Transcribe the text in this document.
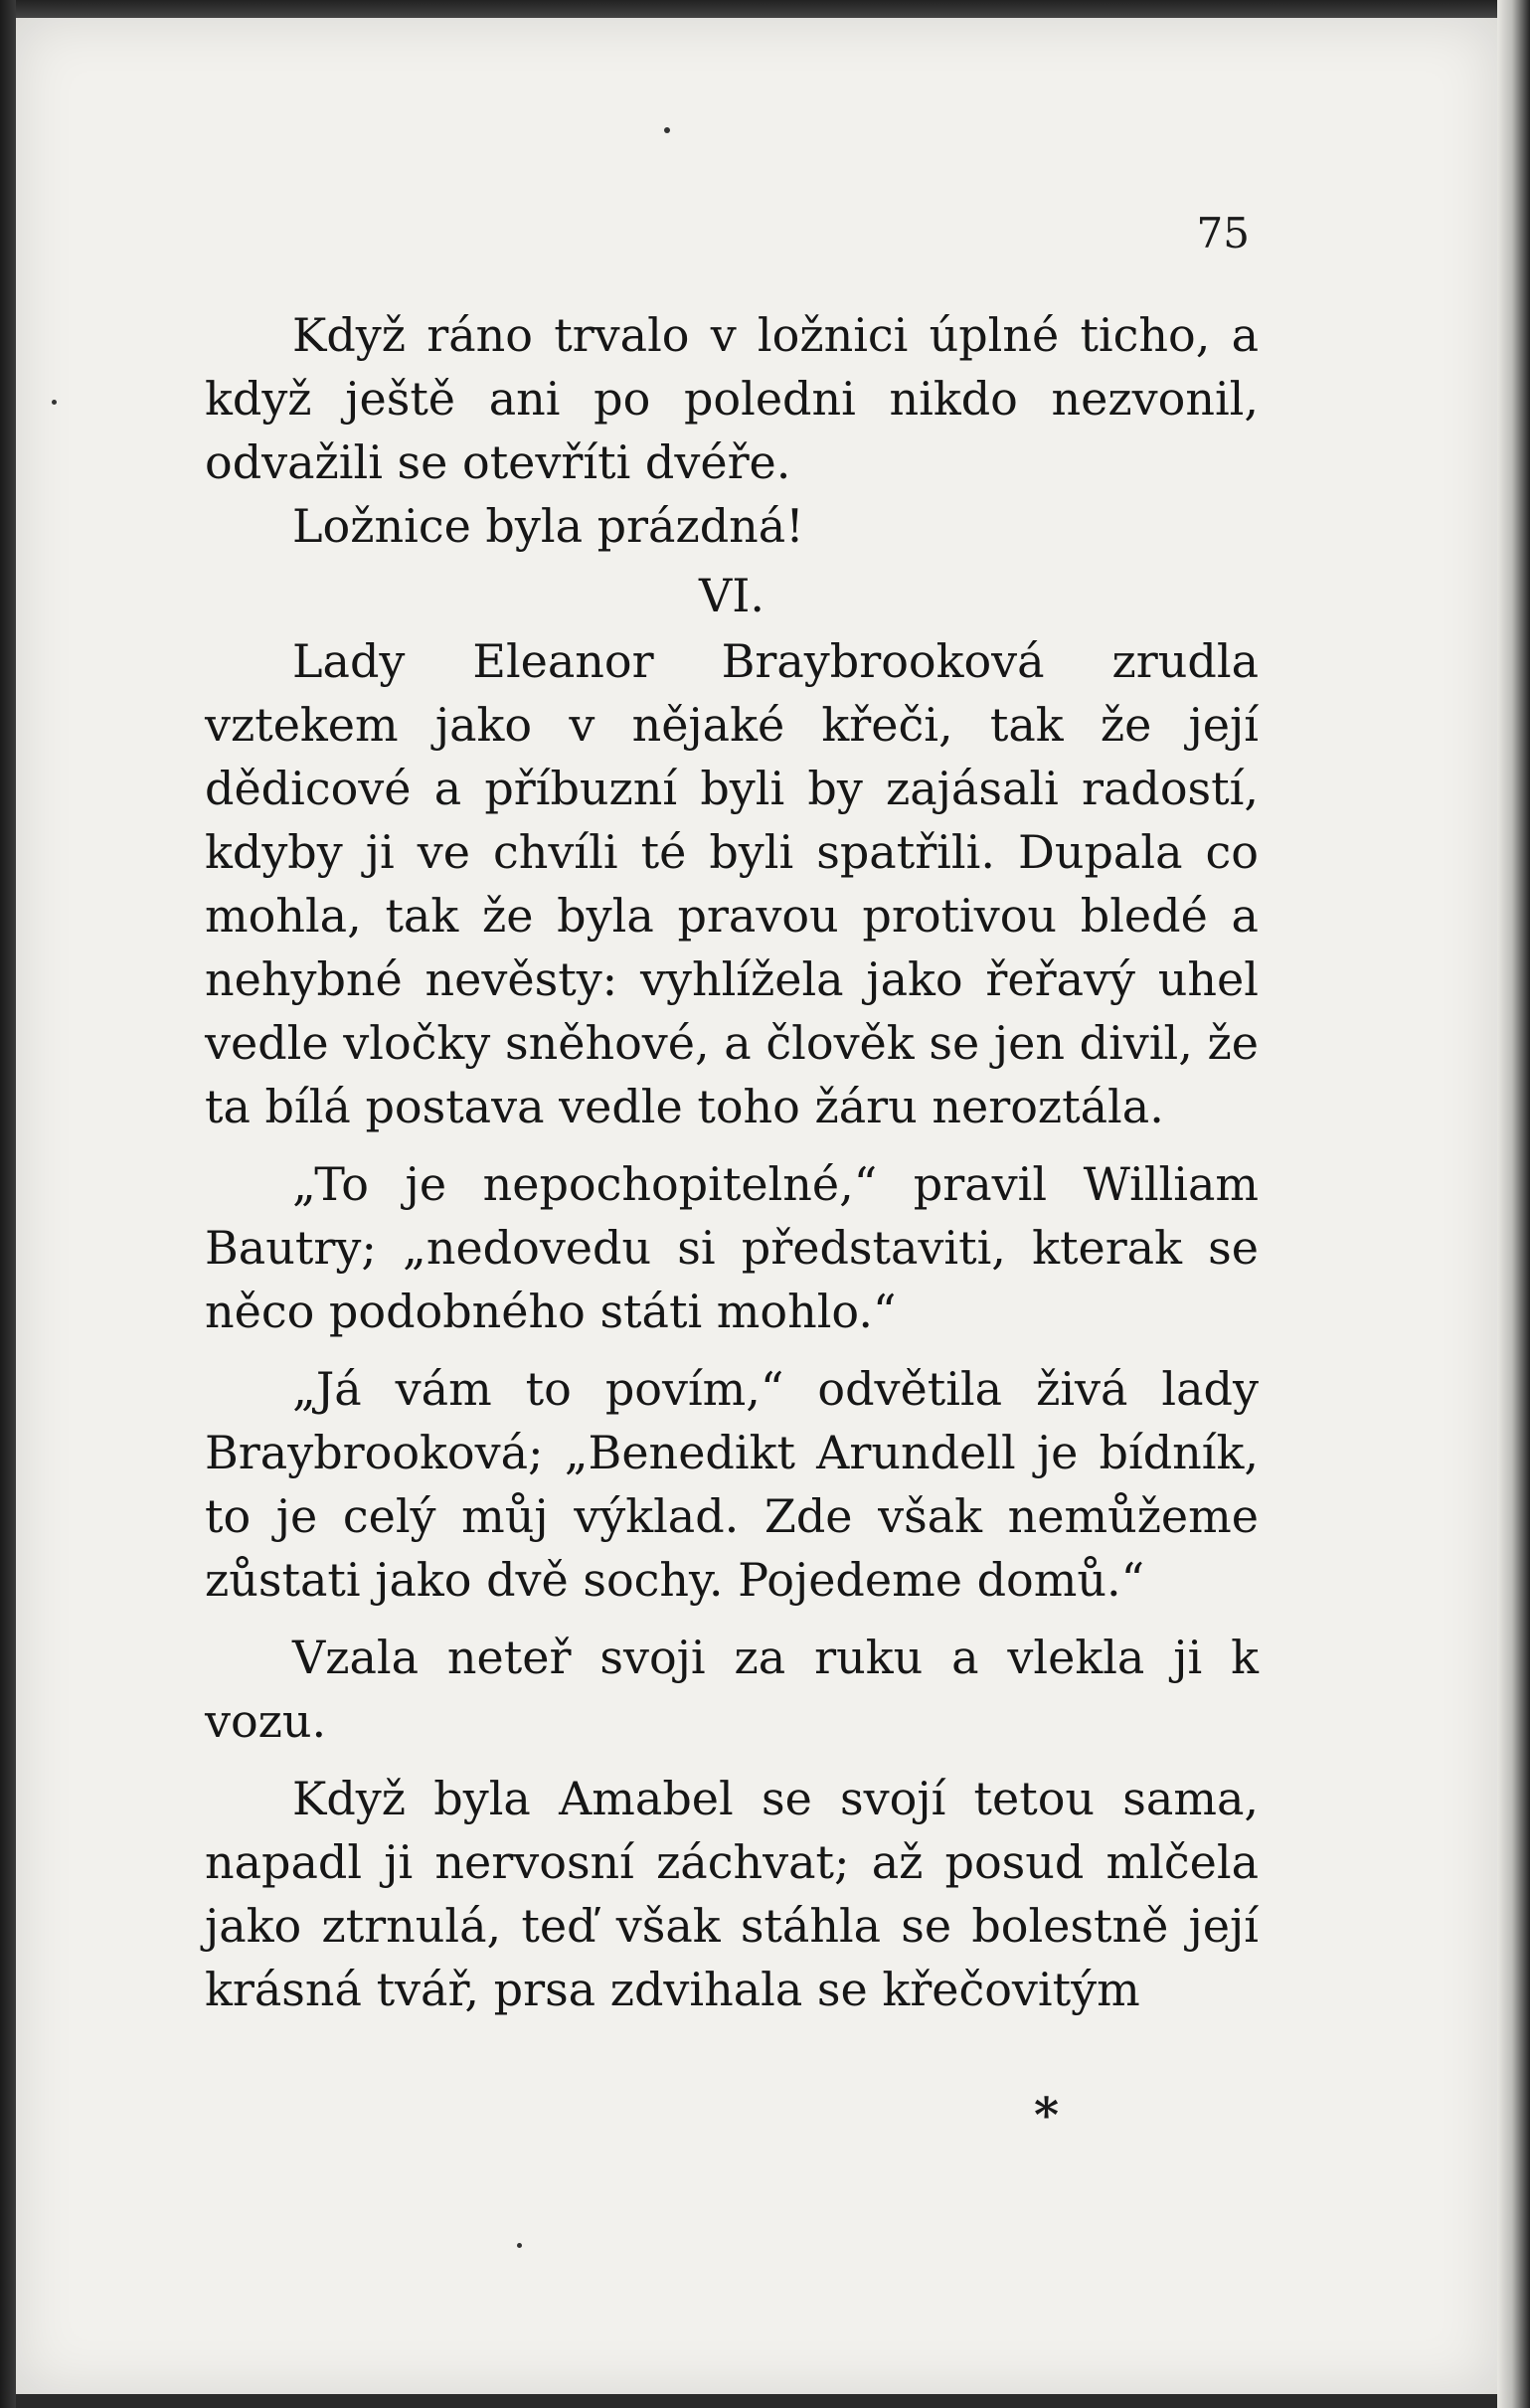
75

Když ráno trvalo v ložnici úplné ticho, a když ještě ani po poledni nikdo nezvonil, odvažili se otevříti dvéře.

Ložnice byla prázdná!

VI.

Lady Eleanor Braybrooková zrudla vztekem jako v nějaké křeči, tak že její dědicové a příbuzní byli by zajásali radostí, kdyby ji ve chvíli té byli spatřili. Dupala co mohla, tak že byla pravou protivou bledé a nehybné nevěsty: vyhlížela jako řeřavý uhel vedle vločky sněhové, a člověk se jen divil, že ta bílá postava vedle toho žáru neroztála.

„To je nepochopitelné,“ pravil William Bautry; „nedovedu si představiti, kterak se něco podobného státi mohlo.“

„Já vám to povím,“ odvětila živá lady Braybrooková; „Benedikt Arundell je bídník, to je celý můj výklad. Zde však nemůžeme zůstati jako dvě sochy. Pojedeme domů.“

Vzala neteř svoji za ruku a vlekla ji k vozu.

Když byla Amabel se svojí tetou sama, napadl ji nervosní záchvat; až posud mlčela jako ztrnulá, teď však stáhla se bolestně její krásná tvář, prsa zdvihala se křečovitým

*
